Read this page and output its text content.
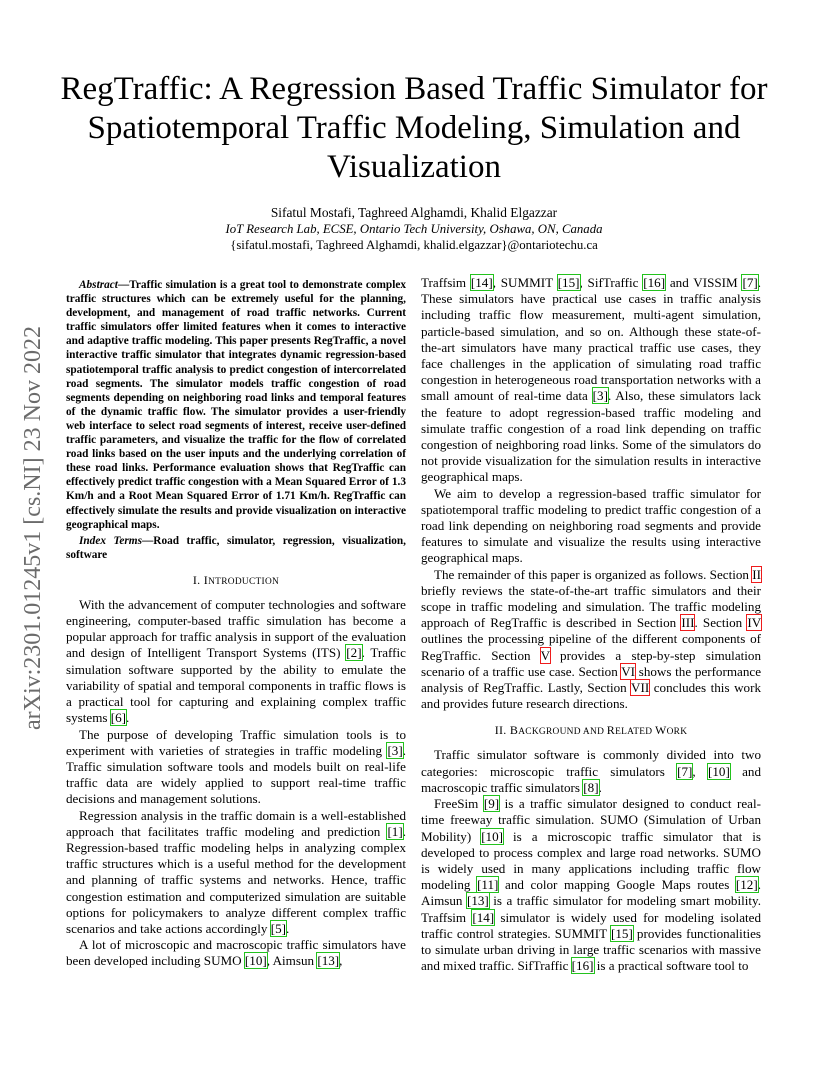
RegTraffic: A Regression Based Traffic Simulator for Spatiotemporal Traffic Modeling, Simulation and Visualization
Sifatul Mostafi, Taghreed Alghamdi, Khalid Elgazzar
IoT Research Lab, ECSE, Ontario Tech University, Oshawa, ON, Canada
{sifatul.mostafi, Taghreed Alghamdi, khalid.elgazzar}@ontariotechu.ca
arXiv:2301.01245v1 [cs.NI] 23 Nov 2022

Abstract—Traffic simulation is a great tool to demonstrate complex traffic structures which can be extremely useful for the planning, development, and management of road traffic networks. Current traffic simulators offer limited features when it comes to interactive and adaptive traffic modeling. This paper presents RegTraffic, a novel interactive traffic simulator that integrates dynamic regression-based spatiotemporal traffic analysis to predict congestion of intercorrelated road segments. The simulator models traffic congestion of road segments depending on neighboring road links and temporal features of the dynamic traffic flow. The simulator provides a user-friendly web interface to select road segments of interest, receive user-defined traffic parameters, and visualize the traffic for the flow of correlated road links based on the user inputs and the underlying correlation of these road links. Performance evaluation shows that RegTraffic can effectively predict traffic congestion with a Mean Squared Error of 1.3 Km/h and a Root Mean Squared Error of 1.71 Km/h. RegTraffic can effectively simulate the results and provide visualization on interactive geographical maps.

Index Terms—Road traffic, simulator, regression, visualization, software

I. INTRODUCTION

With the advancement of computer technologies and software engineering, computer-based traffic simulation has become a popular approach for traffic analysis in support of the evaluation and design of Intelligent Transport Systems (ITS) [2]. Traffic simulation software supported by the ability to emulate the variability of spatial and temporal components in traffic flows is a practical tool for capturing and explaining complex traffic systems [6].

The purpose of developing Traffic simulation tools is to experiment with varieties of strategies in traffic modeling [3]. Traffic simulation software tools and models built on real-life traffic data are widely applied to support real-time traffic decisions and management solutions.

Regression analysis in the traffic domain is a well-established approach that facilitates traffic modeling and prediction [1]. Regression-based traffic modeling helps in analyzing complex traffic structures which is a useful method for the development and planning of traffic systems and networks. Hence, traffic congestion estimation and computerized simulation are suitable options for policymakers to analyze different complex traffic scenarios and take actions accordingly [5].

A lot of microscopic and macroscopic traffic simulators have been developed including SUMO [10], Aimsun [13],

Traffsim [14], SUMMIT [15], SifTraffic [16] and VISSIM [7]. These simulators have practical use cases in traffic analysis including traffic flow measurement, multi-agent simulation, particle-based simulation, and so on. Although these state-of-the-art simulators have many practical traffic use cases, they face challenges in the application of simulating road traffic congestion in heterogeneous road transportation networks with a small amount of real-time data [3]. Also, these simulators lack the feature to adopt regression-based traffic modeling and simulate traffic congestion of a road link depending on traffic congestion of neighboring road links. Some of the simulators do not provide visualization for the simulation results in interactive geographical maps.

We aim to develop a regression-based traffic simulator for spatiotemporal traffic modeling to predict traffic congestion of a road link depending on neighboring road segments and provide features to simulate and visualize the results using interactive geographical maps.

The remainder of this paper is organized as follows. Section II briefly reviews the state-of-the-art traffic simulators and their scope in traffic modeling and simulation. The traffic modeling approach of RegTraffic is described in Section III. Section IV outlines the processing pipeline of the different components of RegTraffic. Section V provides a step-by-step simulation scenario of a traffic use case. Section VI shows the performance analysis of RegTraffic. Lastly, Section VII concludes this work and provides future research directions.

II. BACKGROUND AND RELATED WORK

Traffic simulator software is commonly divided into two categories: microscopic traffic simulators [7], [10] and macroscopic traffic simulators [8].

FreeSim [9] is a traffic simulator designed to conduct real-time freeway traffic simulation. SUMO (Simulation of Urban Mobility) [10] is a microscopic traffic simulator that is developed to process complex and large road networks. SUMO is widely used in many applications including traffic flow modeling [11] and color mapping Google Maps routes [12]. Aimsun [13] is a traffic simulator for modeling smart mobility. Traffsim [14] simulator is widely used for modeling isolated traffic control strategies. SUMMIT [15] provides functionalities to simulate urban driving in large traffic scenarios with massive and mixed traffic. SifTraffic [16] is a practical software tool to
